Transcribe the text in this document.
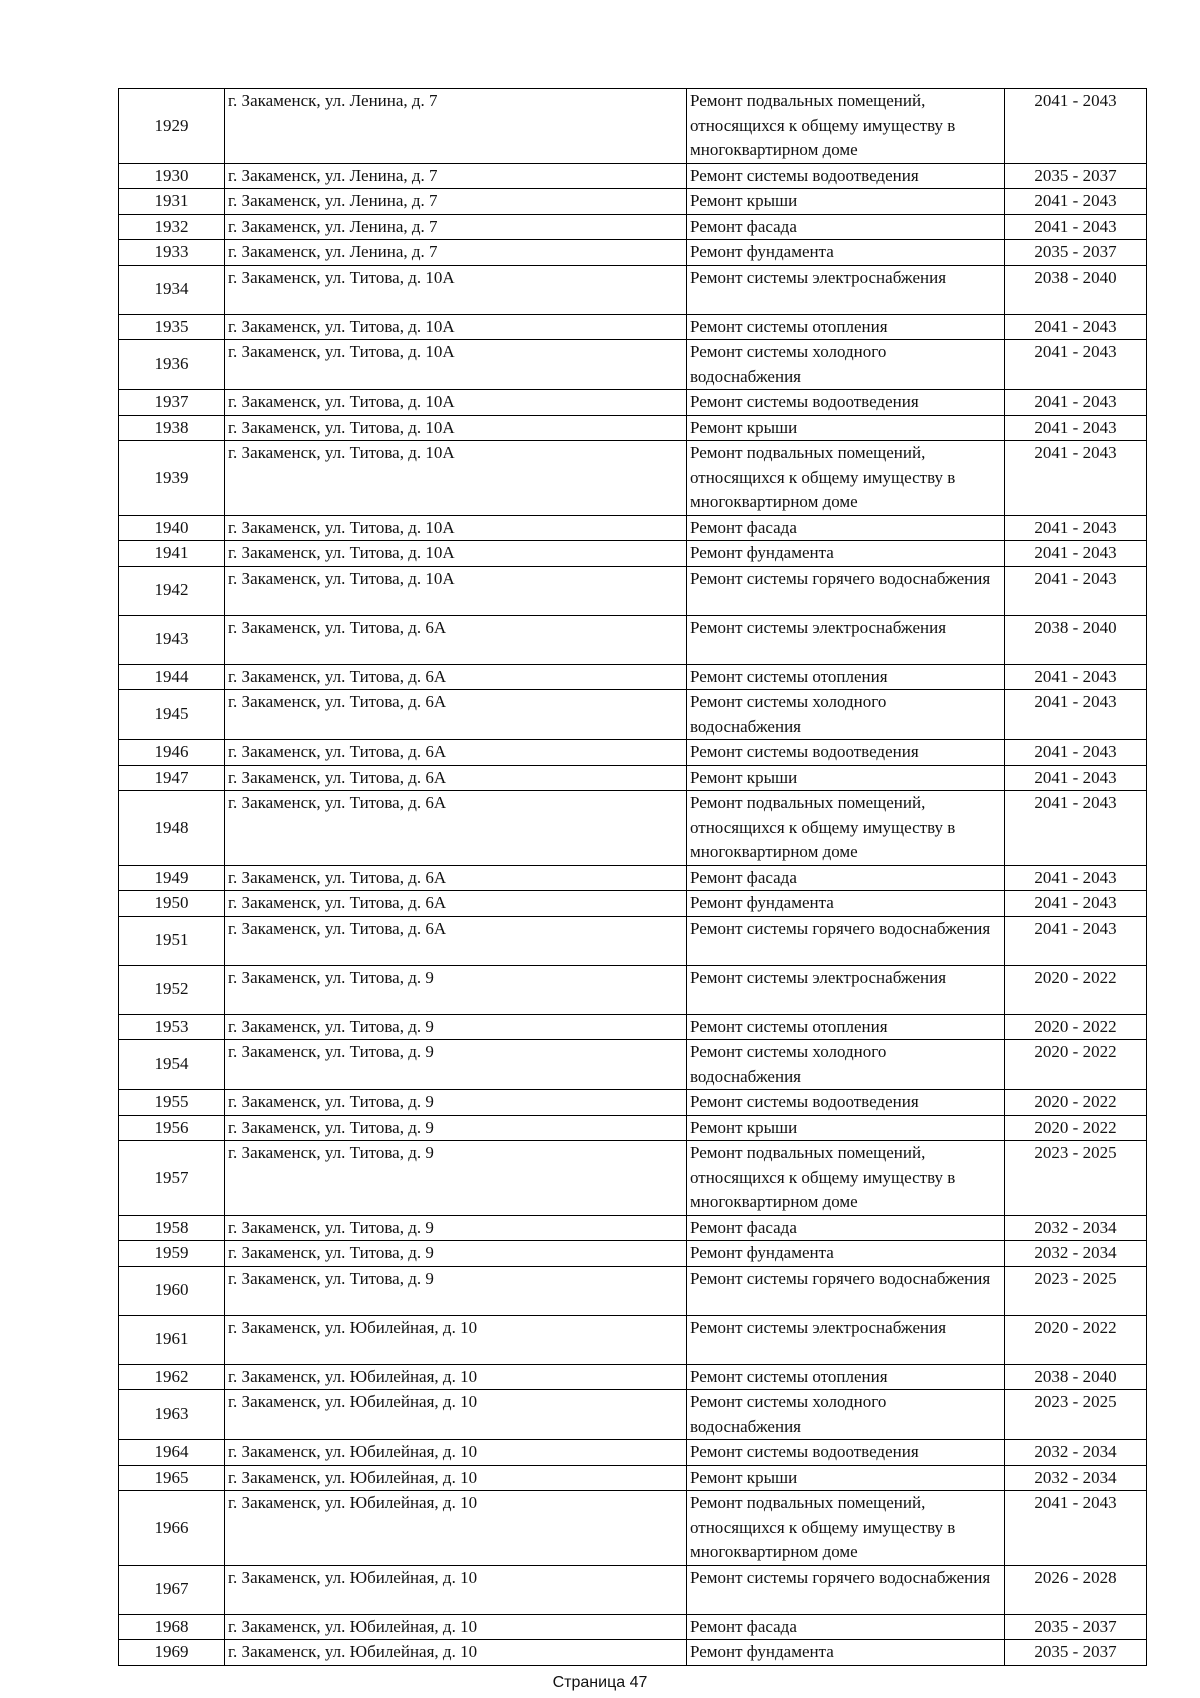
1929	г. Закаменск, ул. Ленина, д. 7	Ремонт подвальных помещений, относящихся к общему имуществу в многоквартирном доме	2041 - 2043
1930	г. Закаменск, ул. Ленина, д. 7	Ремонт системы водоотведения	2035 - 2037
1931	г. Закаменск, ул. Ленина, д. 7	Ремонт крыши	2041 - 2043
1932	г. Закаменск, ул. Ленина, д. 7	Ремонт фасада	2041 - 2043
1933	г. Закаменск, ул. Ленина, д. 7	Ремонт фундамента	2035 - 2037
1934	г. Закаменск, ул. Титова, д. 10А	Ремонт системы электроснабжения	2038 - 2040
1935	г. Закаменск, ул. Титова, д. 10А	Ремонт системы отопления	2041 - 2043
1936	г. Закаменск, ул. Титова, д. 10А	Ремонт системы холодного водоснабжения	2041 - 2043
1937	г. Закаменск, ул. Титова, д. 10А	Ремонт системы водоотведения	2041 - 2043
1938	г. Закаменск, ул. Титова, д. 10А	Ремонт крыши	2041 - 2043
1939	г. Закаменск, ул. Титова, д. 10А	Ремонт подвальных помещений, относящихся к общему имуществу в многоквартирном доме	2041 - 2043
1940	г. Закаменск, ул. Титова, д. 10А	Ремонт фасада	2041 - 2043
1941	г. Закаменск, ул. Титова, д. 10А	Ремонт фундамента	2041 - 2043
1942	г. Закаменск, ул. Титова, д. 10А	Ремонт системы горячего водоснабжения	2041 - 2043
1943	г. Закаменск, ул. Титова, д. 6А	Ремонт системы электроснабжения	2038 - 2040
1944	г. Закаменск, ул. Титова, д. 6А	Ремонт системы отопления	2041 - 2043
1945	г. Закаменск, ул. Титова, д. 6А	Ремонт системы холодного водоснабжения	2041 - 2043
1946	г. Закаменск, ул. Титова, д. 6А	Ремонт системы водоотведения	2041 - 2043
1947	г. Закаменск, ул. Титова, д. 6А	Ремонт крыши	2041 - 2043
1948	г. Закаменск, ул. Титова, д. 6А	Ремонт подвальных помещений, относящихся к общему имуществу в многоквартирном доме	2041 - 2043
1949	г. Закаменск, ул. Титова, д. 6А	Ремонт фасада	2041 - 2043
1950	г. Закаменск, ул. Титова, д. 6А	Ремонт фундамента	2041 - 2043
1951	г. Закаменск, ул. Титова, д. 6А	Ремонт системы горячего водоснабжения	2041 - 2043
1952	г. Закаменск, ул. Титова, д. 9	Ремонт системы электроснабжения	2020 - 2022
1953	г. Закаменск, ул. Титова, д. 9	Ремонт системы отопления	2020 - 2022
1954	г. Закаменск, ул. Титова, д. 9	Ремонт системы холодного водоснабжения	2020 - 2022
1955	г. Закаменск, ул. Титова, д. 9	Ремонт системы водоотведения	2020 - 2022
1956	г. Закаменск, ул. Титова, д. 9	Ремонт крыши	2020 - 2022
1957	г. Закаменск, ул. Титова, д. 9	Ремонт подвальных помещений, относящихся к общему имуществу в многоквартирном доме	2023 - 2025
1958	г. Закаменск, ул. Титова, д. 9	Ремонт фасада	2032 - 2034
1959	г. Закаменск, ул. Титова, д. 9	Ремонт фундамента	2032 - 2034
1960	г. Закаменск, ул. Титова, д. 9	Ремонт системы горячего водоснабжения	2023 - 2025
1961	г. Закаменск, ул. Юбилейная, д. 10	Ремонт системы электроснабжения	2020 - 2022
1962	г. Закаменск, ул. Юбилейная, д. 10	Ремонт системы отопления	2038 - 2040
1963	г. Закаменск, ул. Юбилейная, д. 10	Ремонт системы холодного водоснабжения	2023 - 2025
1964	г. Закаменск, ул. Юбилейная, д. 10	Ремонт системы водоотведения	2032 - 2034
1965	г. Закаменск, ул. Юбилейная, д. 10	Ремонт крыши	2032 - 2034
1966	г. Закаменск, ул. Юбилейная, д. 10	Ремонт подвальных помещений, относящихся к общему имуществу в многоквартирном доме	2041 - 2043
1967	г. Закаменск, ул. Юбилейная, д. 10	Ремонт системы горячего водоснабжения	2026 - 2028
1968	г. Закаменск, ул. Юбилейная, д. 10	Ремонт фасада	2035 - 2037
1969	г. Закаменск, ул. Юбилейная, д. 10	Ремонт фундамента	2035 - 2037
Страница 47
